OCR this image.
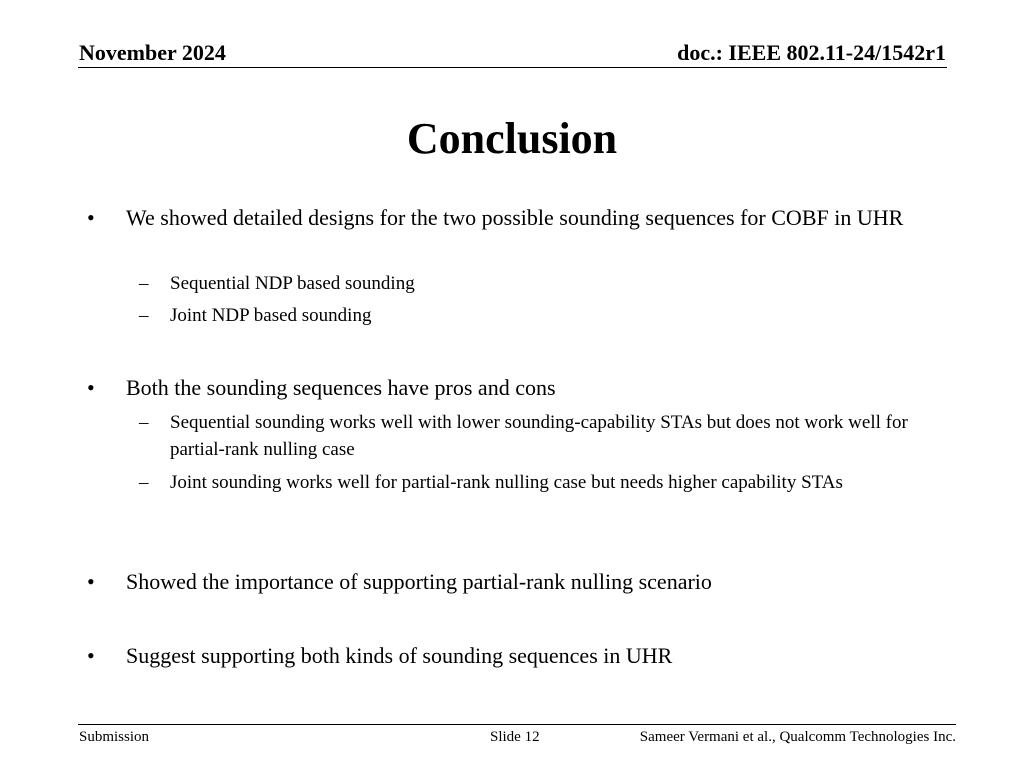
November 2024	doc.: IEEE 802.11-24/1542r1
Conclusion
• We showed detailed designs for the two possible sounding sequences for COBF in UHR
– Sequential NDP based sounding
– Joint NDP based sounding
• Both the sounding sequences have pros and cons
– Sequential sounding works well with lower sounding-capability STAs but does not work well for partial-rank nulling case
– Joint sounding works well for partial-rank nulling case but needs higher capability STAs
• Showed the importance of supporting partial-rank nulling scenario
• Suggest supporting both kinds of sounding sequences in UHR
Submission	Slide 12	Sameer Vermani et al., Qualcomm Technologies Inc.
